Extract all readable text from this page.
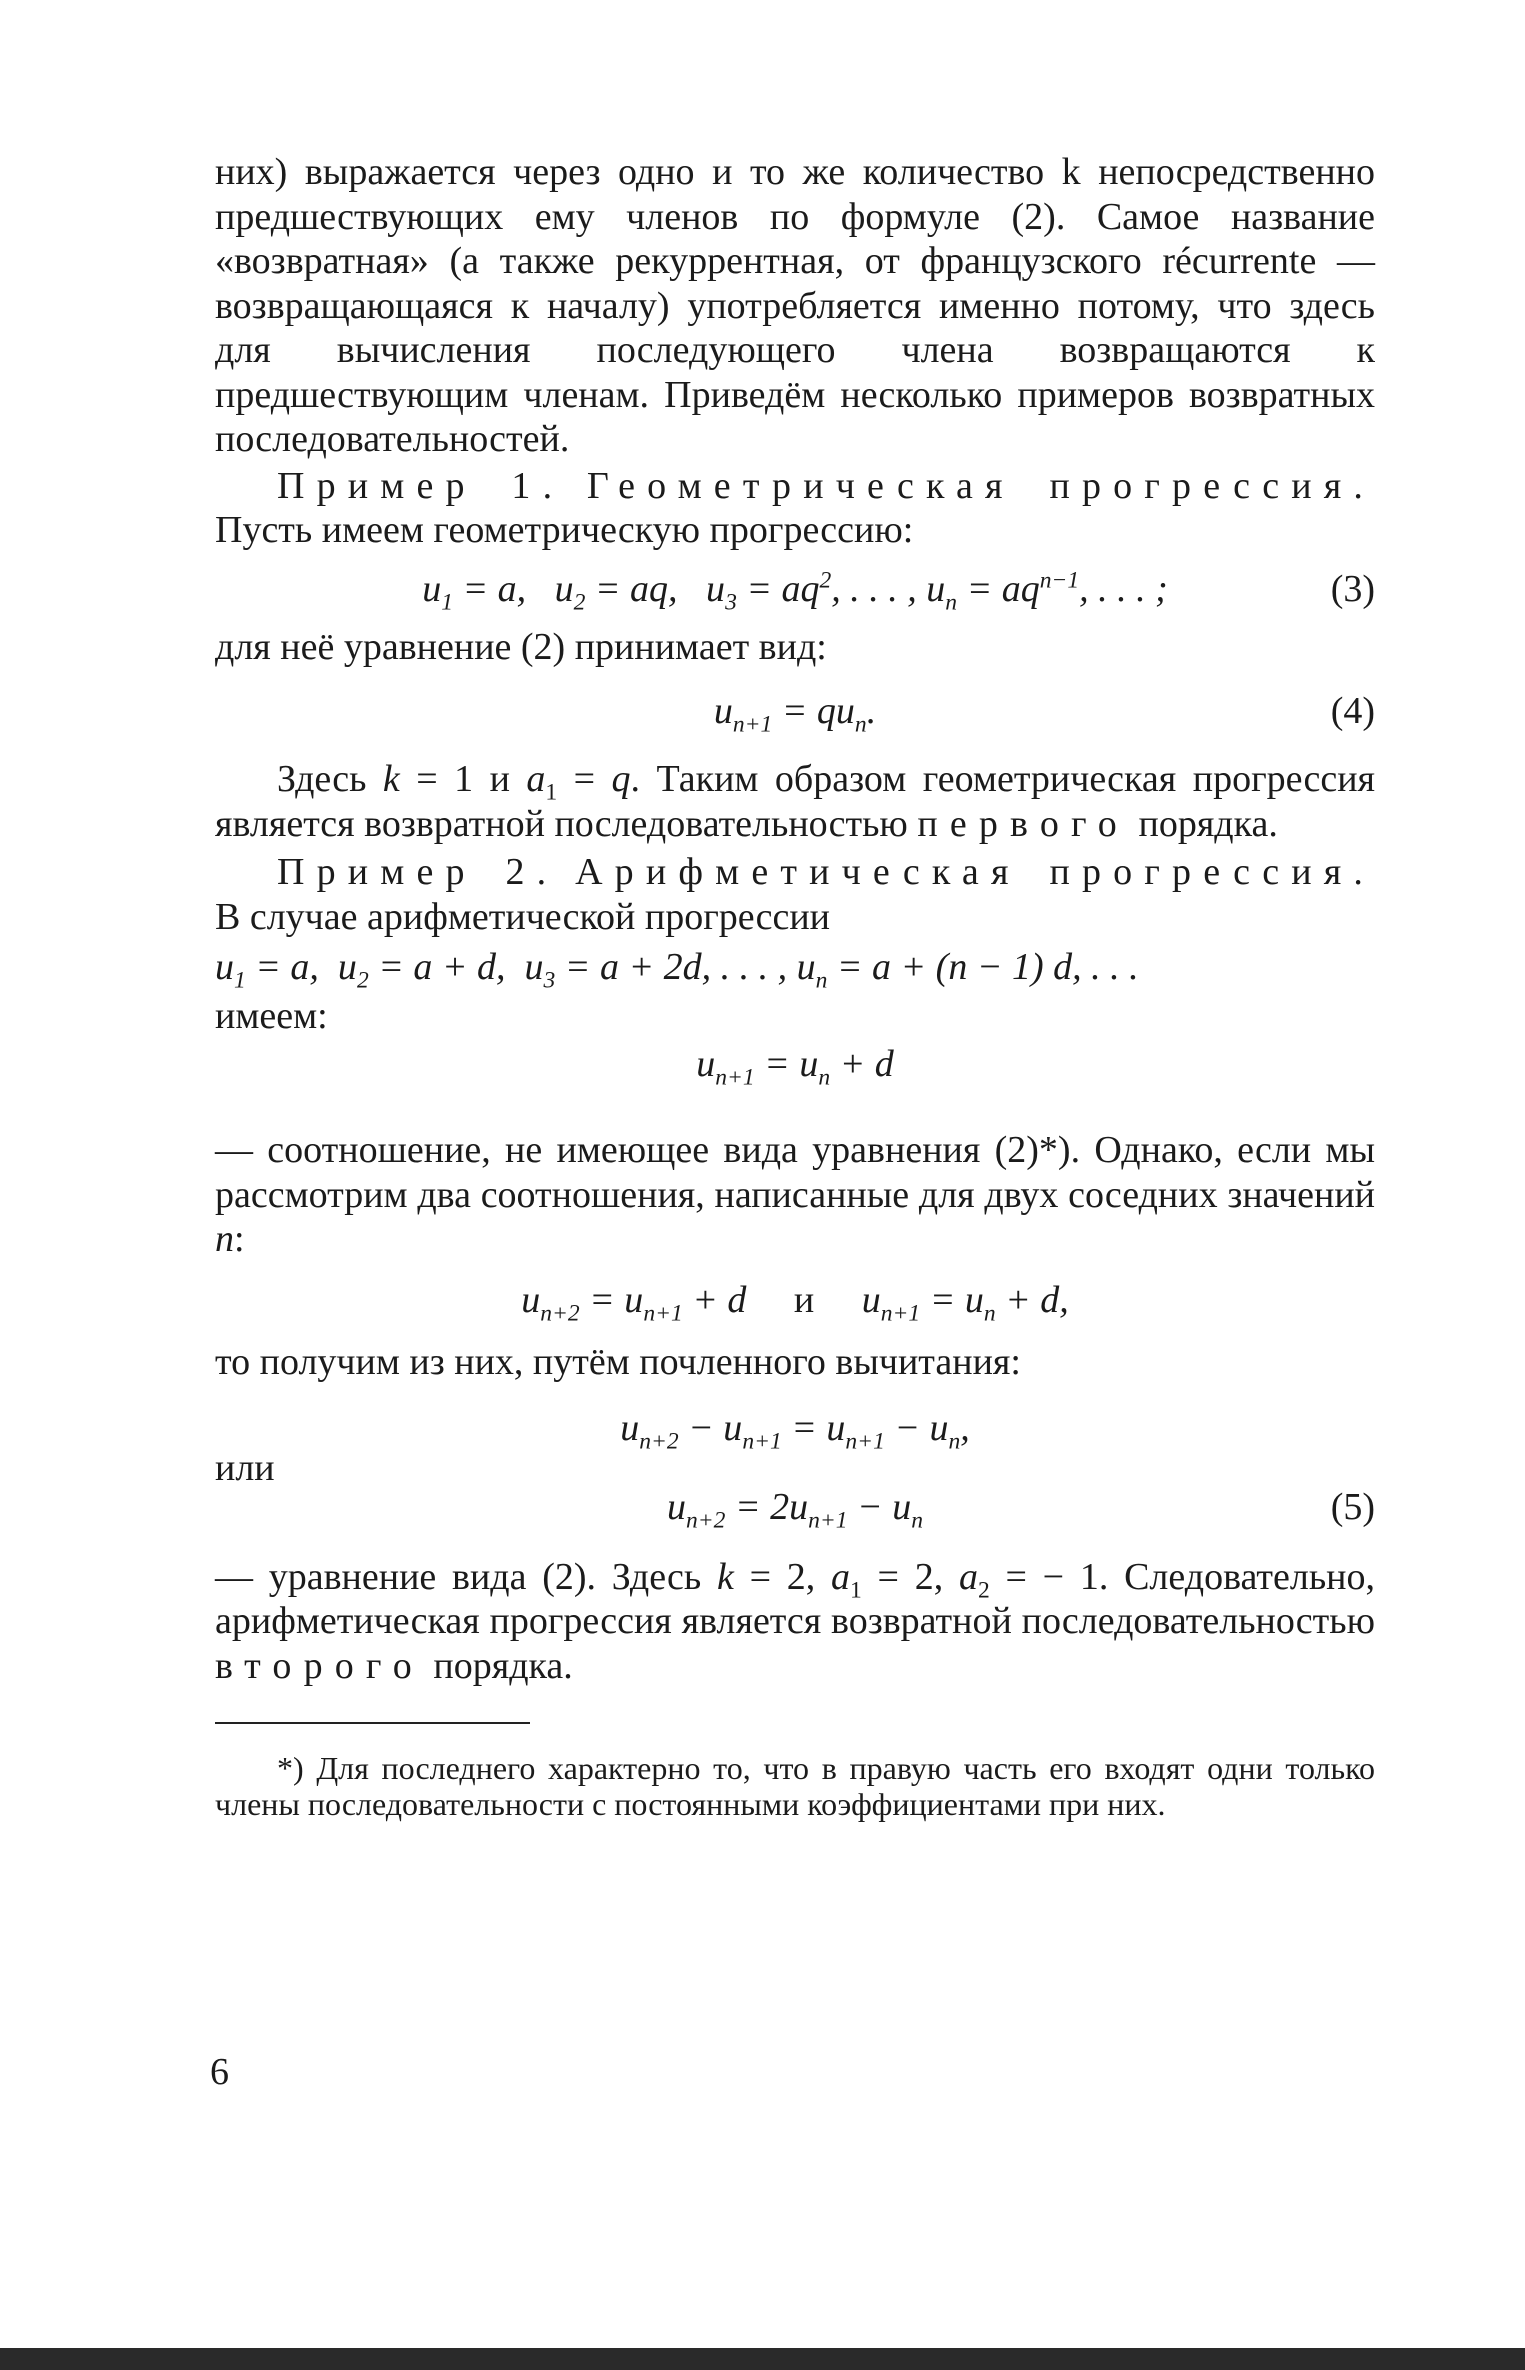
них) выражается через одно и то же количество k непосредственно предшествующих ему членов по формуле (2). Самое название «возвратная» (а также рекуррентная, от французского récurrente — возвращающаяся к началу) употребляется именно потому, что здесь для вычисления последующего члена возвращаются к предшествующим членам. Приведём несколько примеров возвратных последовательностей.

Пример 1. Геометрическая прогрессия. Пусть имеем геометрическую прогрессию:

$u_1 = a$,   $u_2$ = aq,   $u_3 = aq^2$, . . . , $u_n = aq^{n-1}$, . . . ;	(3)

для неё уравнение (2) принимает вид:

$u_{n+1} = qu_n$.	(4)

Здесь k = 1 и $a_1 = q$. Таким образом геометрическая прогрессия является возвратной последовательностью первого порядка.

Пример 2. Арифметическая прогрессия. В случае арифметической прогрессии

$u_1 = a$,  $u_2 = a + d$,  $u_3 = a + 2d$, . . . , $u_n = a + (n - 1)$ d, . . .

имеем:

$u_{n+1} = u_n + d$

— соотношение, не имеющее вида уравнения (2)*). Однако, если мы рассмотрим два соотношения, написанные для двух соседних значений n:

$u_{n+2} = u_{n+1} + d$     и     $u_{n+1} = u_n + d$,

то получим из них, путём почленного вычитания:

$u_{n+2} - u_{n+1} = u_{n+1} - u_n$,

или

$u_{n+2} = 2u_{n+1} - u_n$	(5)

— уравнение вида (2). Здесь k = 2, $a_1 = 2$, $a_2$ = − 1. Следовательно, арифметическая прогрессия является возвратной последовательностью второго порядка.

*) Для последнего характерно то, что в правую часть его входят одни только члены последовательности с постоянными коэффициентами при них.

6
